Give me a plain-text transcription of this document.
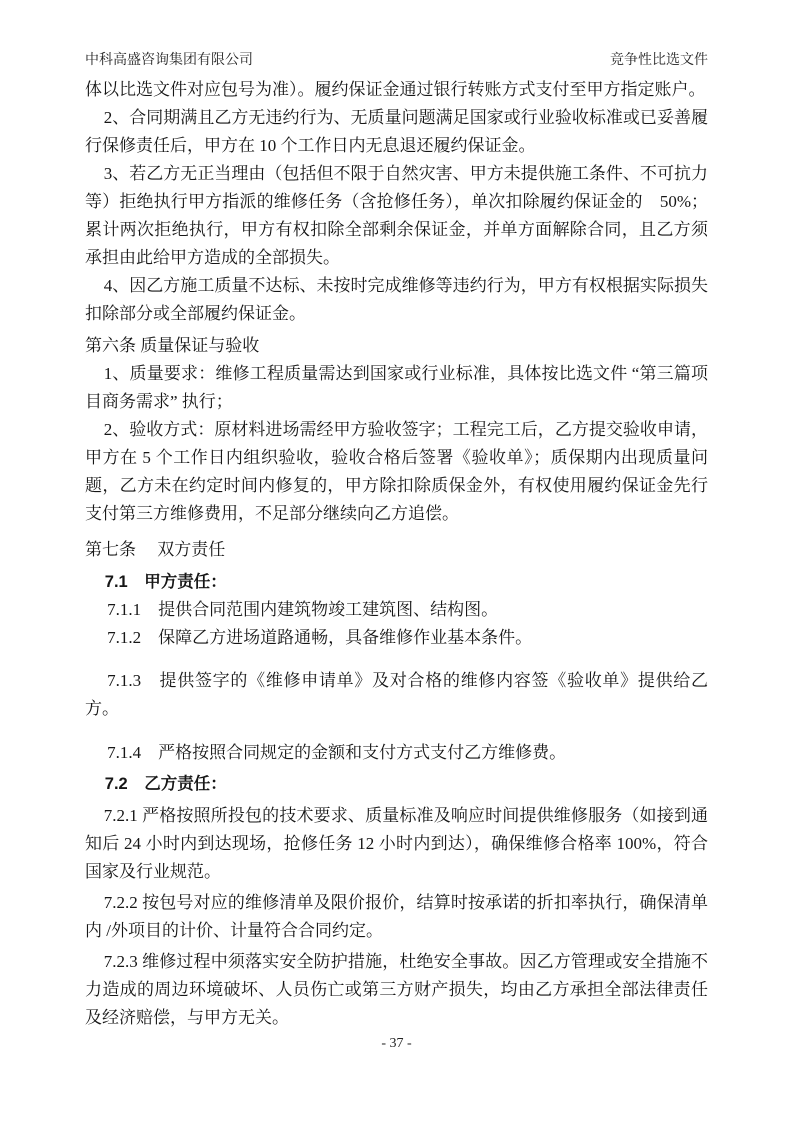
中科高盛咨询集团有限公司	竞争性比选文件

体以比选文件对应包号为准）。履约保证金通过银行转账方式支付至甲方指定账户。

2、合同期满且乙方无违约行为、无质量问题满足国家或行业验收标准或已妥善履行保修责任后，甲方在 10 个工作日内无息退还履约保证金。

3、若乙方无正当理由（包括但不限于自然灾害、甲方未提供施工条件、不可抗力等）拒绝执行甲方指派的维修任务（含抢修任务），单次扣除履约保证金的　50%；累计两次拒绝执行，甲方有权扣除全部剩余保证金，并单方面解除合同，且乙方须承担由此给甲方造成的全部损失。

4、因乙方施工质量不达标、未按时完成维修等违约行为，甲方有权根据实际损失扣除部分或全部履约保证金。

第六条 质量保证与验收

1、质量要求：维修工程质量需达到国家或行业标准，具体按比选文件 “第三篇项目商务需求” 执行；

2、验收方式：原材料进场需经甲方验收签字；工程完工后，乙方提交验收申请，甲方在 5 个工作日内组织验收，验收合格后签署《验收单》；质保期内出现质量问题，乙方未在约定时间内修复的，甲方除扣除质保金外，有权使用履约保证金先行支付第三方维修费用，不足部分继续向乙方追偿。

第七条　 双方责任

7.1　甲方责任：

7.1.1　提供合同范围内建筑物竣工建筑图、结构图。

7.1.2　保障乙方进场道路通畅，具备维修作业基本条件。

7.1.3　提供签字的《维修申请单》及对合格的维修内容签《验收单》提供给乙方。

7.1.4　严格按照合同规定的金额和支付方式支付乙方维修费。

7.2　乙方责任：

7.2.1 严格按照所投包的技术要求、质量标准及响应时间提供维修服务（如接到通知后 24 小时内到达现场，抢修任务 12 小时内到达），确保维修合格率 100%，符合国家及行业规范。

7.2.2 按包号对应的维修清单及限价报价，结算时按承诺的折扣率执行，确保清单内 /外项目的计价、计量符合合同约定。

7.2.3 维修过程中须落实安全防护措施，杜绝安全事故。因乙方管理或安全措施不力造成的周边环境破坏、人员伤亡或第三方财产损失，均由乙方承担全部法律责任及经济赔偿，与甲方无关。

- 37 -
